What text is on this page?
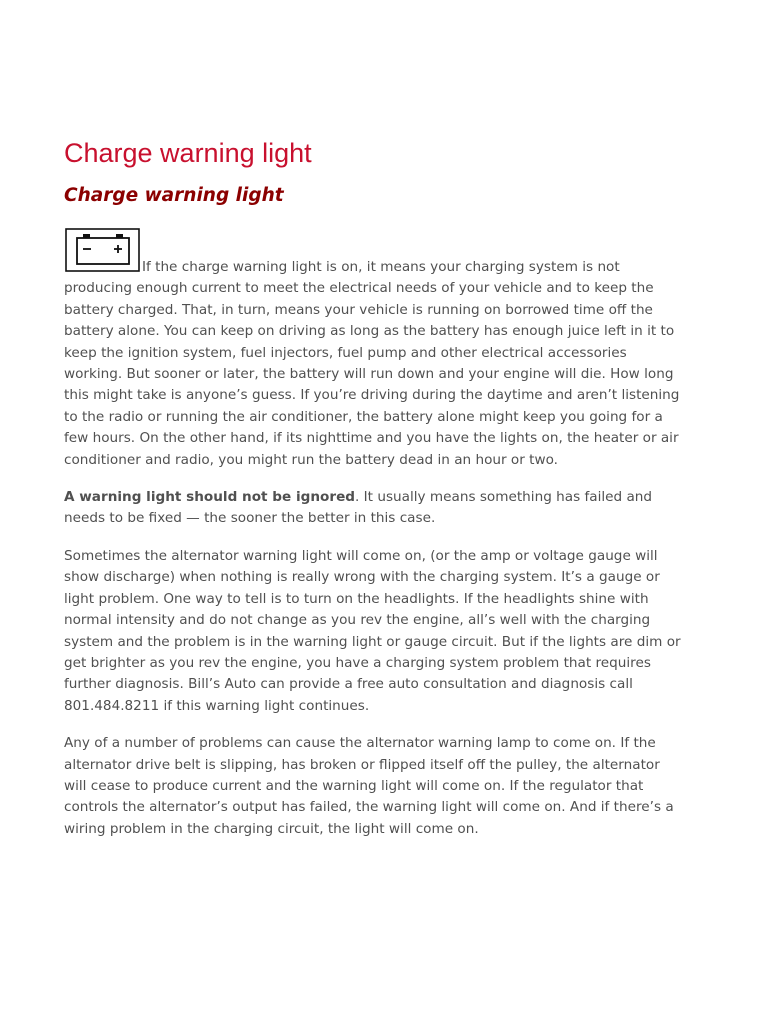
Charge warning light
Charge warning light

If the charge warning light is on, it means your charging system is not producing enough current to meet the electrical needs of your vehicle and to keep the battery charged. That, in turn, means your vehicle is running on borrowed time off the battery alone. You can keep on driving as long as the battery has enough juice left in it to keep the ignition system, fuel injectors, fuel pump and other electrical accessories working. But sooner or later, the battery will run down and your engine will die. How long this might take is anyone’s guess. If you’re driving during the daytime and aren’t listening to the radio or running the air conditioner, the battery alone might keep you going for a few hours. On the other hand, if its nighttime and you have the lights on, the heater or air conditioner and radio, you might run the battery dead in an hour or two.

A warning light should not be ignored. It usually means something has failed and needs to be fixed — the sooner the better in this case.

Sometimes the alternator warning light will come on, (or the amp or voltage gauge will show discharge) when nothing is really wrong with the charging system. It’s a gauge or light problem. One way to tell is to turn on the headlights. If the headlights shine with normal intensity and do not change as you rev the engine, all’s well with the charging system and the problem is in the warning light or gauge circuit. But if the lights are dim or get brighter as you rev the engine, you have a charging system problem that requires further diagnosis. Bill’s Auto can provide a free auto consultation and diagnosis call 801.484.8211 if this warning light continues.

Any of a number of problems can cause the alternator warning lamp to come on. If the alternator drive belt is slipping, has broken or flipped itself off the pulley, the alternator will cease to produce current and the warning light will come on. If the regulator that controls the alternator’s output has failed, the warning light will come on. And if there’s a wiring problem in the charging circuit, the light will come on.
